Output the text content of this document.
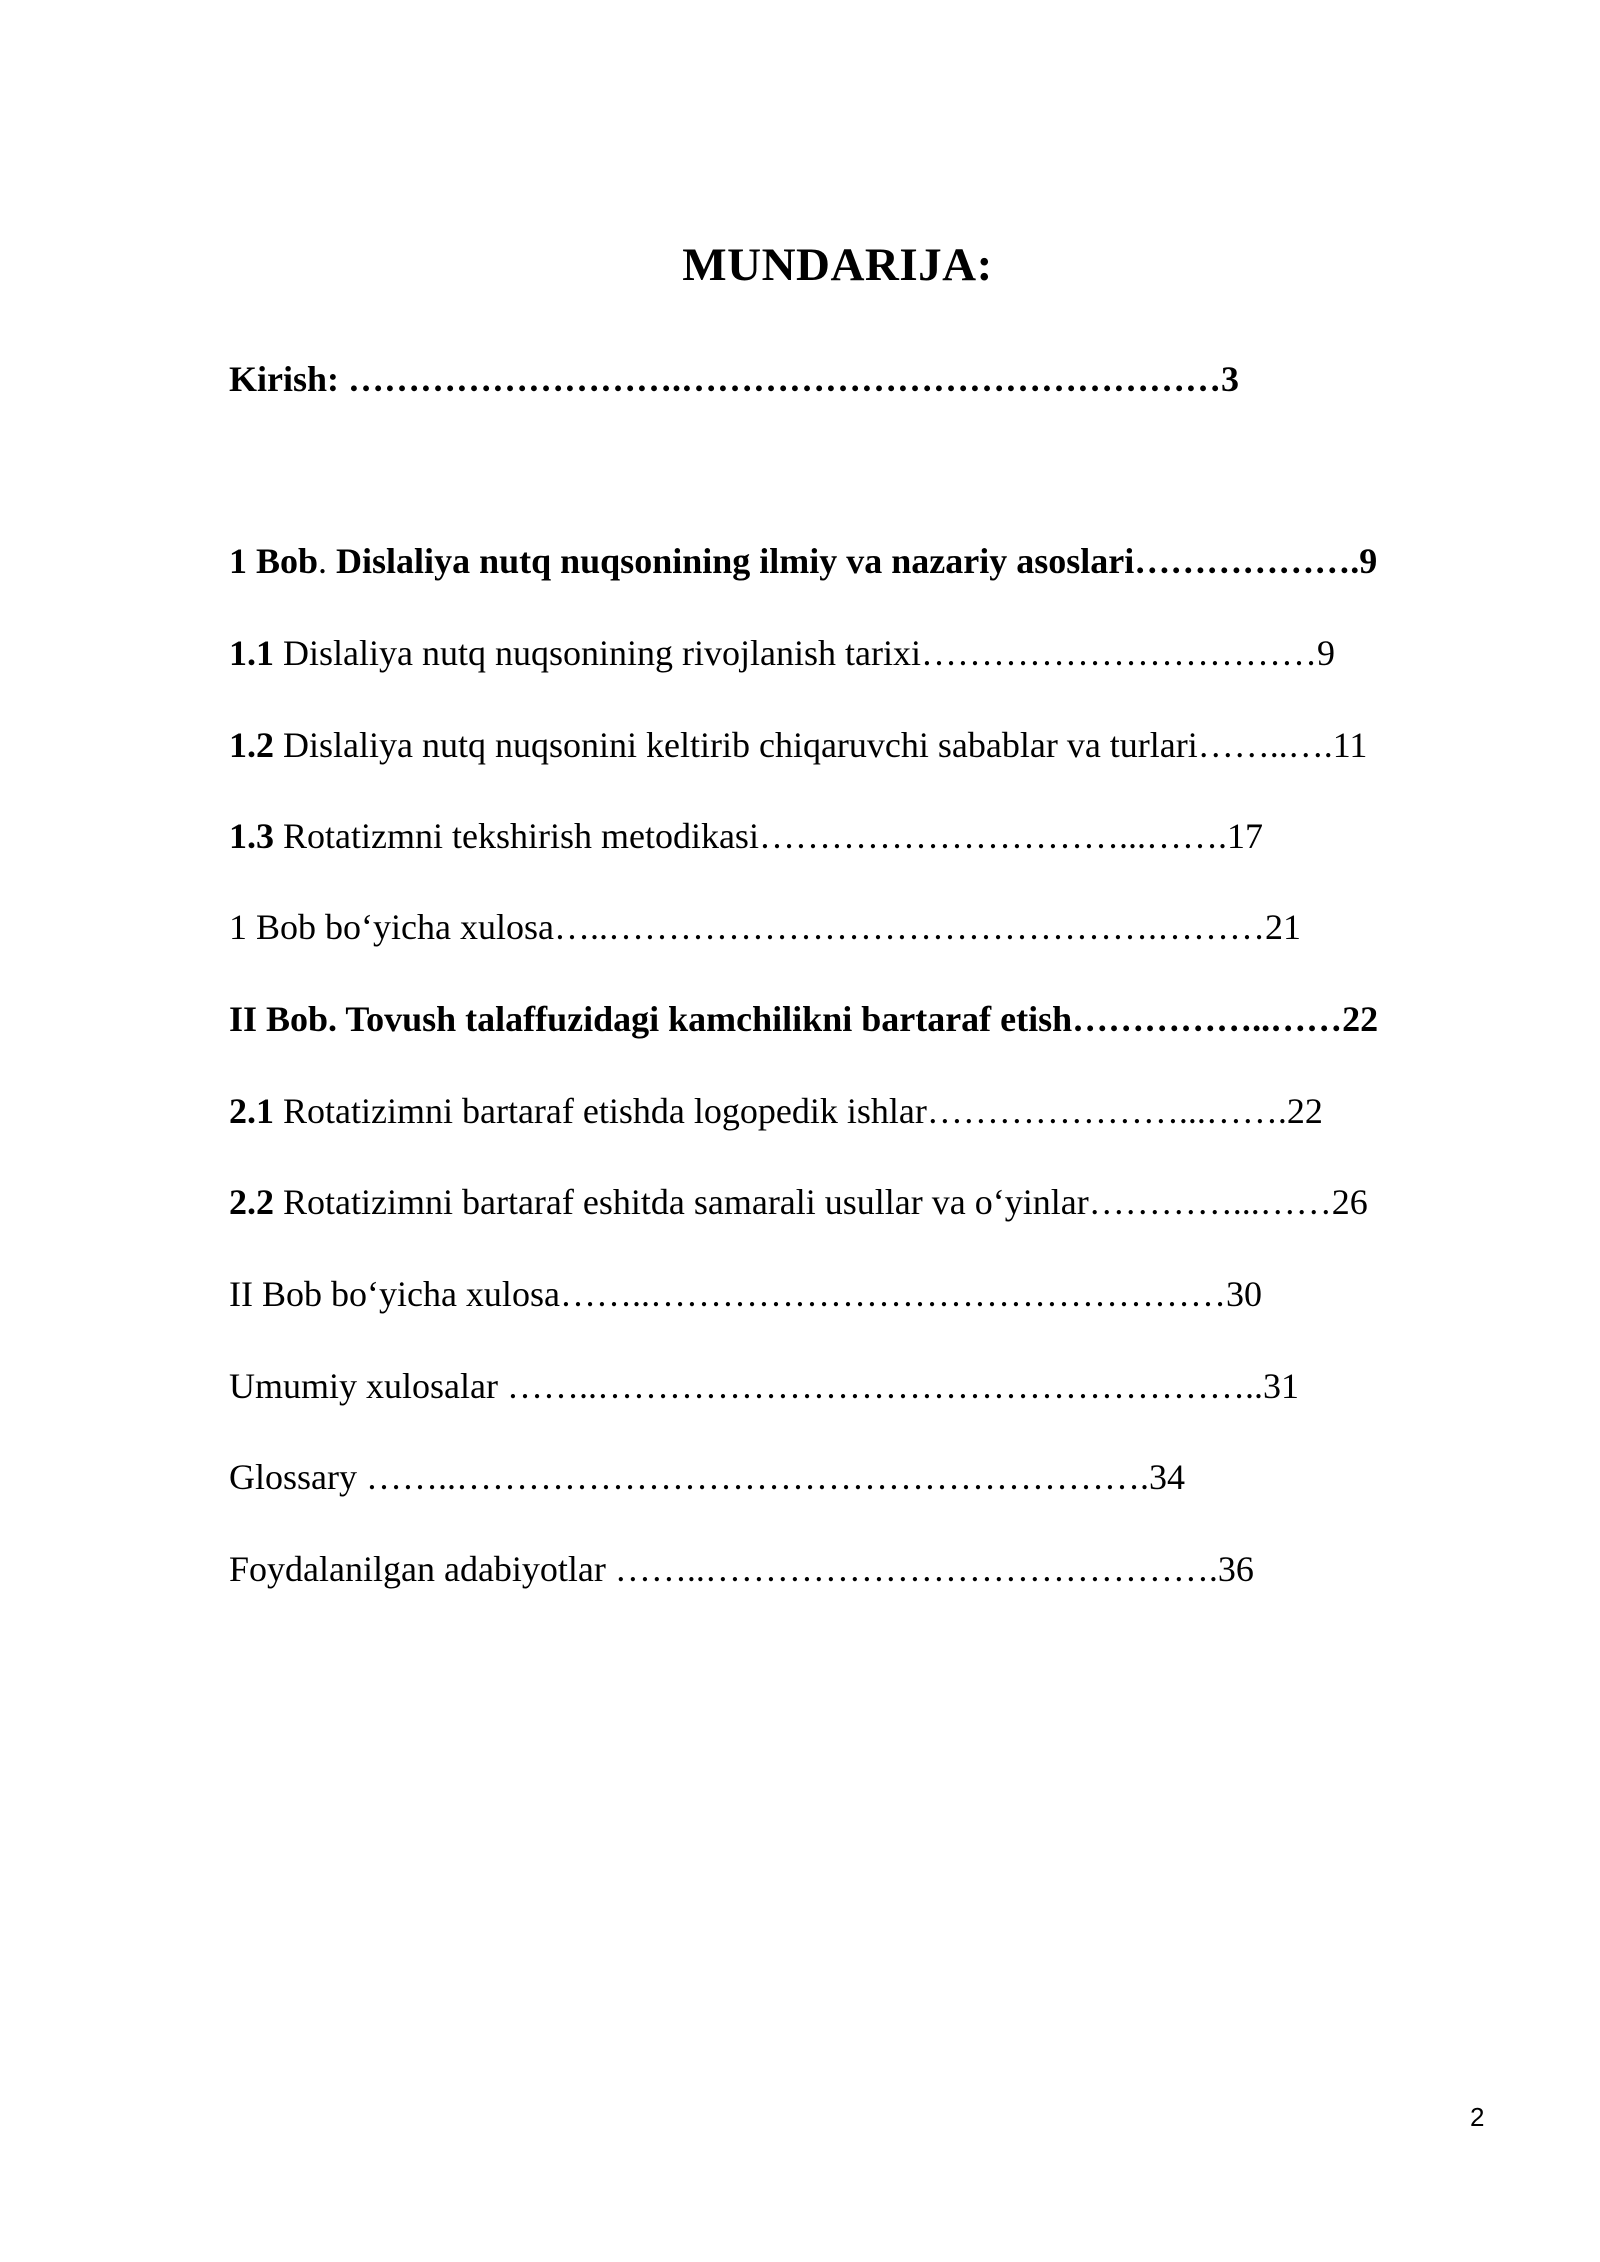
MUNDARIJA:
Kirish: ……………………….………………………………………3
1 Bob. Dislaliya nutq nuqsonining ilmiy va nazariy asoslari……………….9
1.1 Dislaliya nutq nuqsonining rivojlanish tarixi……………………………9
1.2 Dislaliya nutq nuqsonini keltirib chiqaruvchi sabablar va turlari……..….11
1.3 Rotatizmni tekshirish metodikasi…………………………...…….17
1 Bob bo‘yicha xulosa…..……………………………………….………21
II Bob. Tovush talaffuzidagi kamchilikni bartaraf etish……………..……22
2.1 Rotatizimni bartaraf etishda logopedik ishlar…………………...…….22
2.2 Rotatizimni bartaraf eshitda samarali usullar va o‘yinlar…………...……26
II Bob bo‘yicha xulosa……..…………………………………………30
Umumiy xulosalar ……..………………………………………………..31
Glossary ……..………………………………………………….34
Foydalanilgan adabiyotlar ……..…………………………………….36
2
